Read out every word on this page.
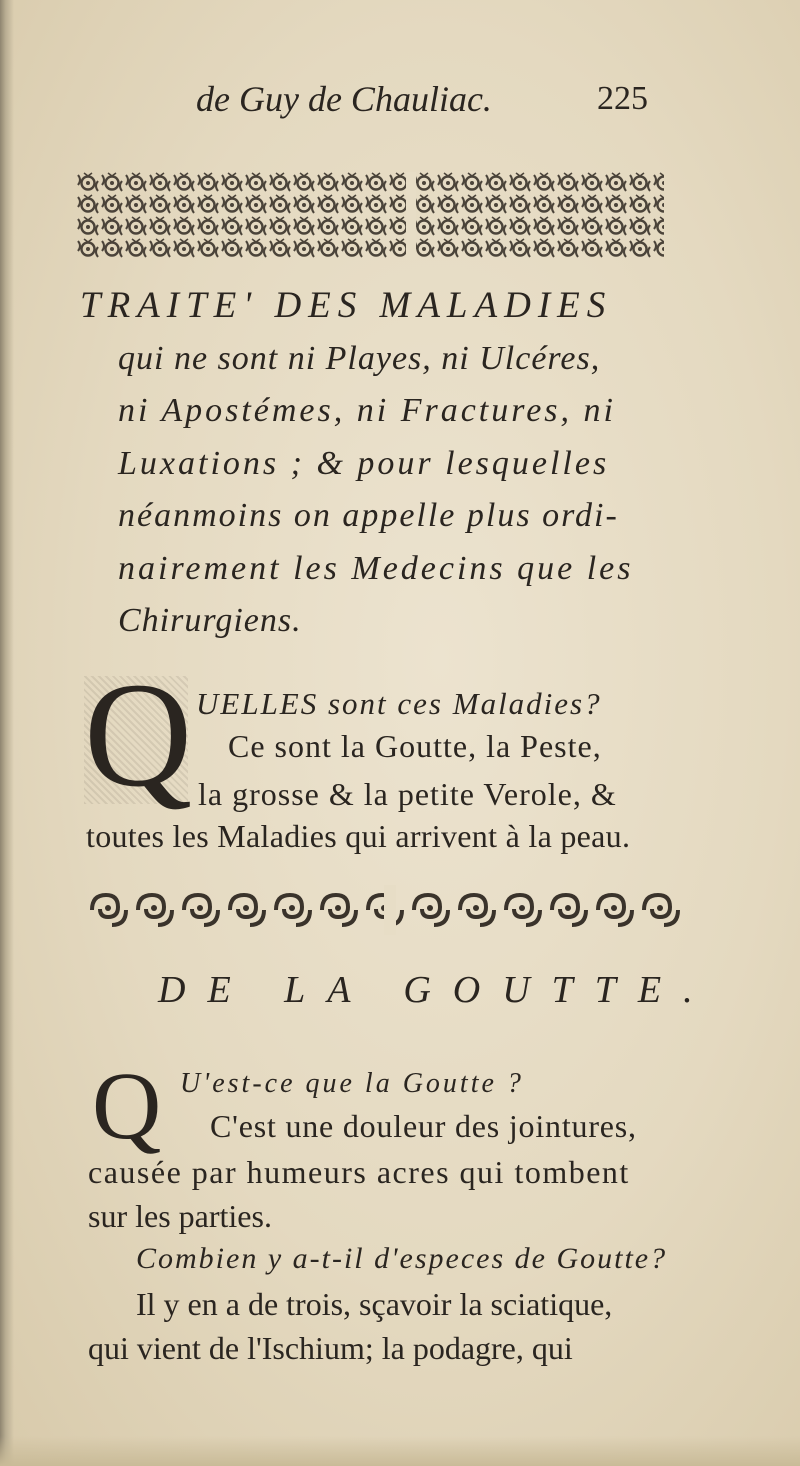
de Guy de Chauliac.	225
TRAITE' DES MALADIES
qui ne sont ni Playes, ni Ulcéres,
ni Apostémes, ni Fractures, ni
Luxations ; & pour lesquelles
néanmoins on appelle plus ordi-
nairement les Medecins que les
Chirurgiens.
Q UELLES sont ces Maladies?
Ce sont la Goutte, la Peste,
la grosse & la petite Verole, &
toutes les Maladies qui arrivent à la peau.
DE LA GOUTTE.
Q U'est-ce que la Goutte ?
C'est une douleur des jointures,
causée par humeurs acres qui tombent
sur les parties.
Combien y a-t-il d'especes de Goutte?
Il y en a de trois, sçavoir la sciatique,
qui vient de l'Ischium; la podagre, qui
